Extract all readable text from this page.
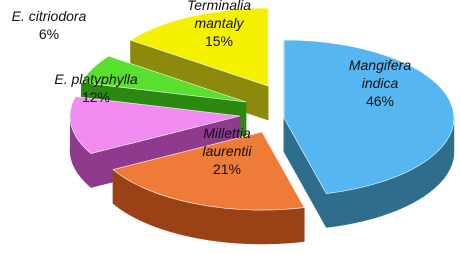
Mangifera indica 46%
Millettia laurentii 21%
E. platyphylla 12%
E. citriodora 6%
Terminalia mantaly 15%
